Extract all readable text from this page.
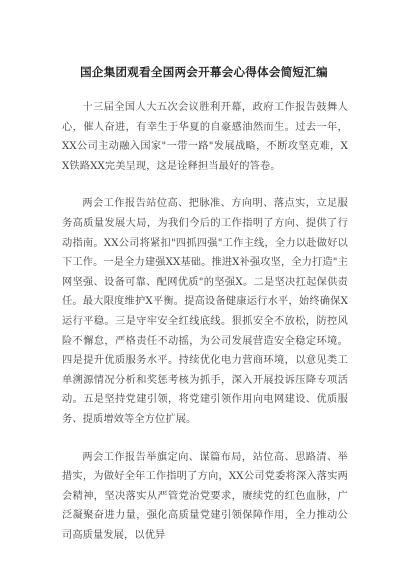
国企集团观看全国两会开幕会心得体会简短汇编

十三届全国人大五次会议胜利开幕，政府工作报告鼓舞人心，催人奋进，有幸生于华夏的自豪感油然而生。过去一年，XX公司主动融入国家"一带一路"发展战略，不断攻坚克难，XX铁路XX完美呈现，这是诠释担当最好的答卷。

两会工作报告站位高、把脉准、方向明、落点实，立足服务高质量发展大局，为我们今后的工作指明了方向、提供了行动指南。XX公司将紧扣"四抓四强"工作主线，全力以赴做好以下工作。一是全力建强XX基础。推进X补强攻坚，全力打造"主网坚强、设备可靠、配网优质"的坚强X。二是坚决扛起保供责任。最大限度维护X平衡。提高设备健康运行水平，始终确保X运行平稳。三是守牢安全红线底线。狠抓安全不放松，防控风险不懈怠，严格责任不动摇，为公司发展营造安全稳定环境。四是提升优质服务水平。持续优化电力营商环境，以意见类工单溯源情况分析和奖惩考核为抓手，深入开展投诉压降专项活动。五是坚持党建引领，将党建引领作用向电网建设、优质服务、提质增效等全方位扩展。

两会工作报告举旗定向、谋篇布局，站位高、思路清、举措实，为做好全年工作指明了方向，XX公司党委将深入落实两会精神，坚决落实从严管党治党要求，赓续党的红色血脉，广泛凝聚奋进力量，强化高质量党建引领保障作用，全力推动公司高质量发展，以优异
